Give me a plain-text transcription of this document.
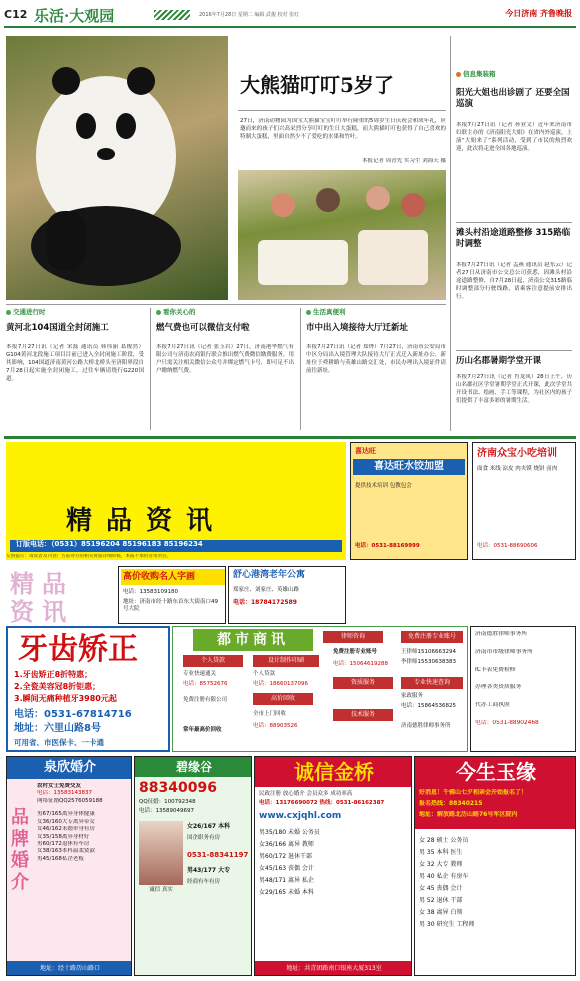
C12 乐活·大观园	2016年7月28日 星期二 编辑 武俊 校对 张红	今日济南 齐鲁晚报
大熊猫叮叮5岁了
27日，济南动物园为国宝大熊猫宝宝叮叮举行隆重的5周岁生日庆祝会和成年礼，应邀而来的孩子们兴高采烈分享叮叮的生日大蛋糕，而大熊猫叮叮也获得了自己喜欢的特制大蛋糕，里面自然少不了爱吃的水果和竹叶。
本报记者 周青先 实习生 刘海天 摄
信息集装箱
阳光大姐也出诊剧了 还要全国巡演
本报7月27日讯（记者 孙业文）近年来济南市妇联主办的《济南阳光大姐》在省内外巡演，上演“大姐来了”系列活动，受到了市民的热烈欢迎，此次将走进全国各地巡演。
滩头村沿途道路整修 315路临时调整
本报7月27日讯（记者 孟燕 通讯员 赵东云）记者27日从济南市公交总公司获悉，因滩头村沿途道路整修，自7月28日起，济南公交315路临时调整部分行驶线路，请乘客注意提前安排出行。
历山名郡暑期学堂开课
本报7月27日讯（记者 肖龙凤）28日上午，历山名郡社区学堂暑期学堂正式开课，此次学堂共开设书法、绘画、手工等课程，为社区内的孩子们提供了丰富多彩的暑期生活。
交通进行时
黄河北104国道全封闭施工
本报7月27日讯（记者 宋磊 通讯员 韩伟丽 葛俊然）G104黄河北段施工项目目前已进入全封闭施工阶段，受其影响，104国道济南黄河公路大桥北桥头至济阳界段自7月28日起实施全封闭施工，过往车辆请绕行G220国道。
看你关心的
燃气费也可以微信支付啦
本报7月27日讯（记者 张玉岩）27日，济南港华燃气有限公司与济南农商银行联合推出燃气费微信缴费服务，用户只需关注相关微信公众号并绑定燃气卡号，即可足不出户缴纳燃气费。
生活真便利
市中出入境接待大厅迁新址
本报7月27日讯（记者 郑烨）7月27日，济南市公安局市中区分局出入境管理大队接待大厅正式迁入新址办公，新址位于舜耕路与英雄山路交汇处，市民办理出入境证件请前往新址。
精品资讯
订版电话：（0531）85196204 85196183 85196234
友情提示：请读者及刊登广告前对方的相关资质详细审核，本报不承担连带责任。
喜达旺
喜达旺水饺加盟
提供技术培训 包教包会
电话：0531-88169999
济南众宝小吃培训
面食 米线 凉皮 肉夹馍 烧饼 卤肉
电话：0531-88690606
精品
资讯
高价收购名人字画
电话：13583109180
地址：济南市经十路东首东大街南口49号大院
舒心港湾老年公寓
郑家庄、刘家庄、英雄山路
电话：18784172589
牙齿矫正
1.牙齿矫正8折特惠；
2.全瓷美容冠8折钜惠；
3.瞬间无痛种植牙3980元起
电话：0531-67814716
地址：六里山路8号
可用省、市医保卡、一卡通
都市商讯	律师咨询
个人贷款	设计制作印刷
专业快速通关	个人贷款
电话：85752676	电话：18660137096
高价回收
免费注册有限公司
全市上门回收
电话：88903526
常年最高价回收
免费注册专业账号
电话：15064619288
资质服务
技术服务
免费注册专业账号
王律师15106663294
李律师15530638383
专业快速查询
家政服务
电话：15864536825
济南德胜律师事务所
济南德胜律师事务所
济南市市级律师事务所
IC卡表免费检修
办理各类资质服务
代办工商执照
电话：0531-88902468
泉欣婚介
品牌婚介
农村女士免费交友
电话：13583143837
网络征婚QQ2576059188
男67/165离异身体健康
女36/160大专离异带女
女46/162未婚单身有房
女35/158离异身材好
男60/172退休有车房
女38/163本科温柔贤淑
男45/168私企老板
地址：经十路历山路口
碧缘谷
88340096
QQ征婚：100792348
电话：13589049697
诚信 真实
女26/167 本科
国企职务有房
0531-88341197
男43/177 大专
经商有车有房
诚信金桥
民政注册 放心婚介 会员众多 成功率高
电话：13176690072 热线：0531-86162387
www.cxjqhl.com
男35/180 未婚 公务员
女36/166 离异 教师
男60/172 退休干部
女45/163 丧偶 会计
男48/171 离异 私企
女29/165 未婚 本科
地址：共青团路南口银座大厦313室
今生玉缘
好消息！千佛山七夕相亲会开始报名了！
报名热线：88340215
地址：解放路北历山路76号军区院内
女 28 硕士 公务员
男 35 本科 医生
女 32 大专 教师
男 40 私企 有房车
女 45 丧偶 会计
男 52 退休 干部
女 38 离异 白领
男 30 研究生 工程师
